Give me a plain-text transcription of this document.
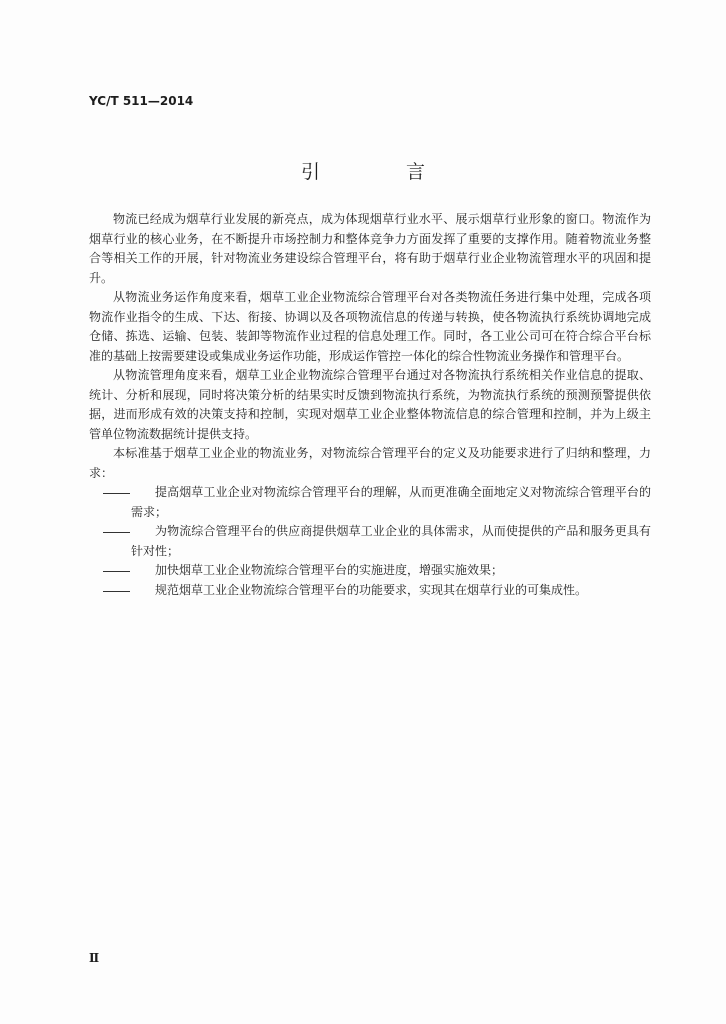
YC/T 511—2014
引 言

物流已经成为烟草行业发展的新亮点，成为体现烟草行业水平、展示烟草行业形象的窗口。物流作为烟草行业的核心业务，在不断提升市场控制力和整体竞争力方面发挥了重要的支撑作用。随着物流业务整合等相关工作的开展，针对物流业务建设综合管理平台，将有助于烟草行业企业物流管理水平的巩固和提升。

从物流业务运作角度来看，烟草工业企业物流综合管理平台对各类物流任务进行集中处理，完成各项物流作业指令的生成、下达、衔接、协调以及各项物流信息的传递与转换，使各物流执行系统协调地完成仓储、拣选、运输、包装、装卸等物流作业过程的信息处理工作。同时，各工业公司可在符合综合平台标准的基础上按需要建设或集成业务运作功能，形成运作管控一体化的综合性物流业务操作和管理平台。

从物流管理角度来看，烟草工业企业物流综合管理平台通过对各物流执行系统相关作业信息的提取、统计、分析和展现，同时将决策分析的结果实时反馈到物流执行系统，为物流执行系统的预测预警提供依据，进而形成有效的决策支持和控制，实现对烟草工业企业整体物流信息的综合管理和控制，并为上级主管单位物流数据统计提供支持。

本标准基于烟草工业企业的物流业务，对物流综合管理平台的定义及功能要求进行了归纳和整理，力求：

提高烟草工业企业对物流综合管理平台的理解，从而更准确全面地定义对物流综合管理平台的需求；

为物流综合管理平台的供应商提供烟草工业企业的具体需求，从而使提供的产品和服务更具有针对性；

加快烟草工业企业物流综合管理平台的实施进度，增强实施效果；

规范烟草工业企业物流综合管理平台的功能要求，实现其在烟草行业的可集成性。

Ⅱ
